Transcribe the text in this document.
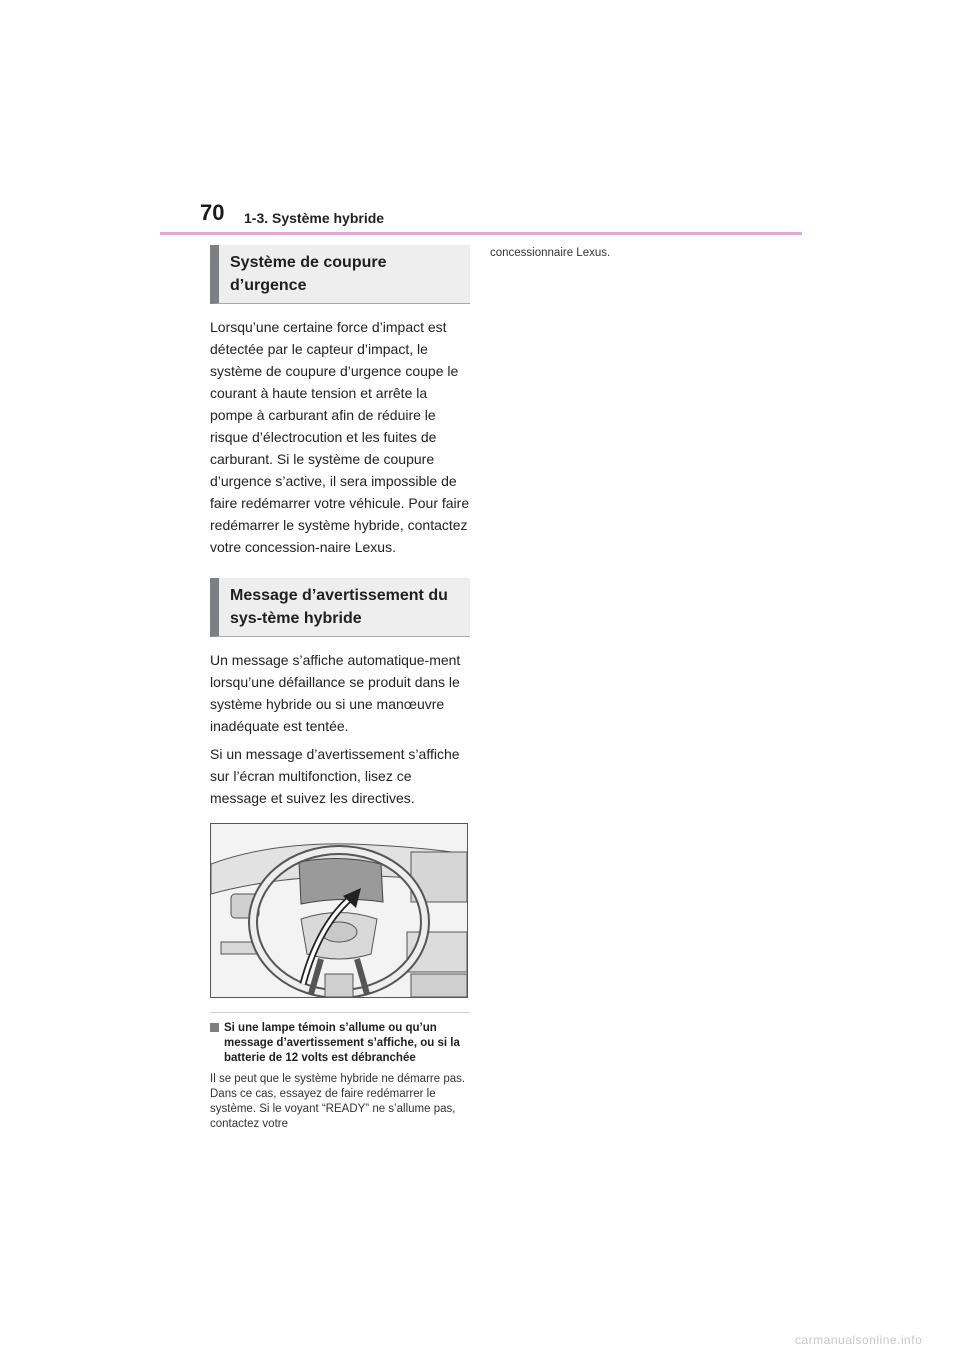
70 1-3. Système hybride
Système de coupure d’urgence

Lorsqu’une certaine force d’impact est détectée par le capteur d’impact, le système de coupure d’urgence coupe le courant à haute tension et arrête la pompe à carburant afin de réduire le risque d’électrocution et les fuites de carburant. Si le système de coupure d’urgence s’active, il sera impossible de faire redémarrer votre véhicule. Pour faire redémarrer le système hybride, contactez votre concession-naire Lexus.

Message d’avertissement du sys-tème hybride

Un message s’affiche automatique-ment lorsqu’une défaillance se produit dans le système hybride ou si une manœuvre inadéquate est tentée.

Si un message d’avertissement s’affiche sur l’écran multifonction, lisez ce message et suivez les directives.

Si une lampe témoin s’allume ou qu’un message d’avertissement s’affiche, ou si la batterie de 12 volts est débranchée
Il se peut que le système hybride ne démarre pas. Dans ce cas, essayez de faire redémarrer le système. Si le voyant “READY” ne s’allume pas, contactez votre
concessionnaire Lexus.
carmanualsonline.info
